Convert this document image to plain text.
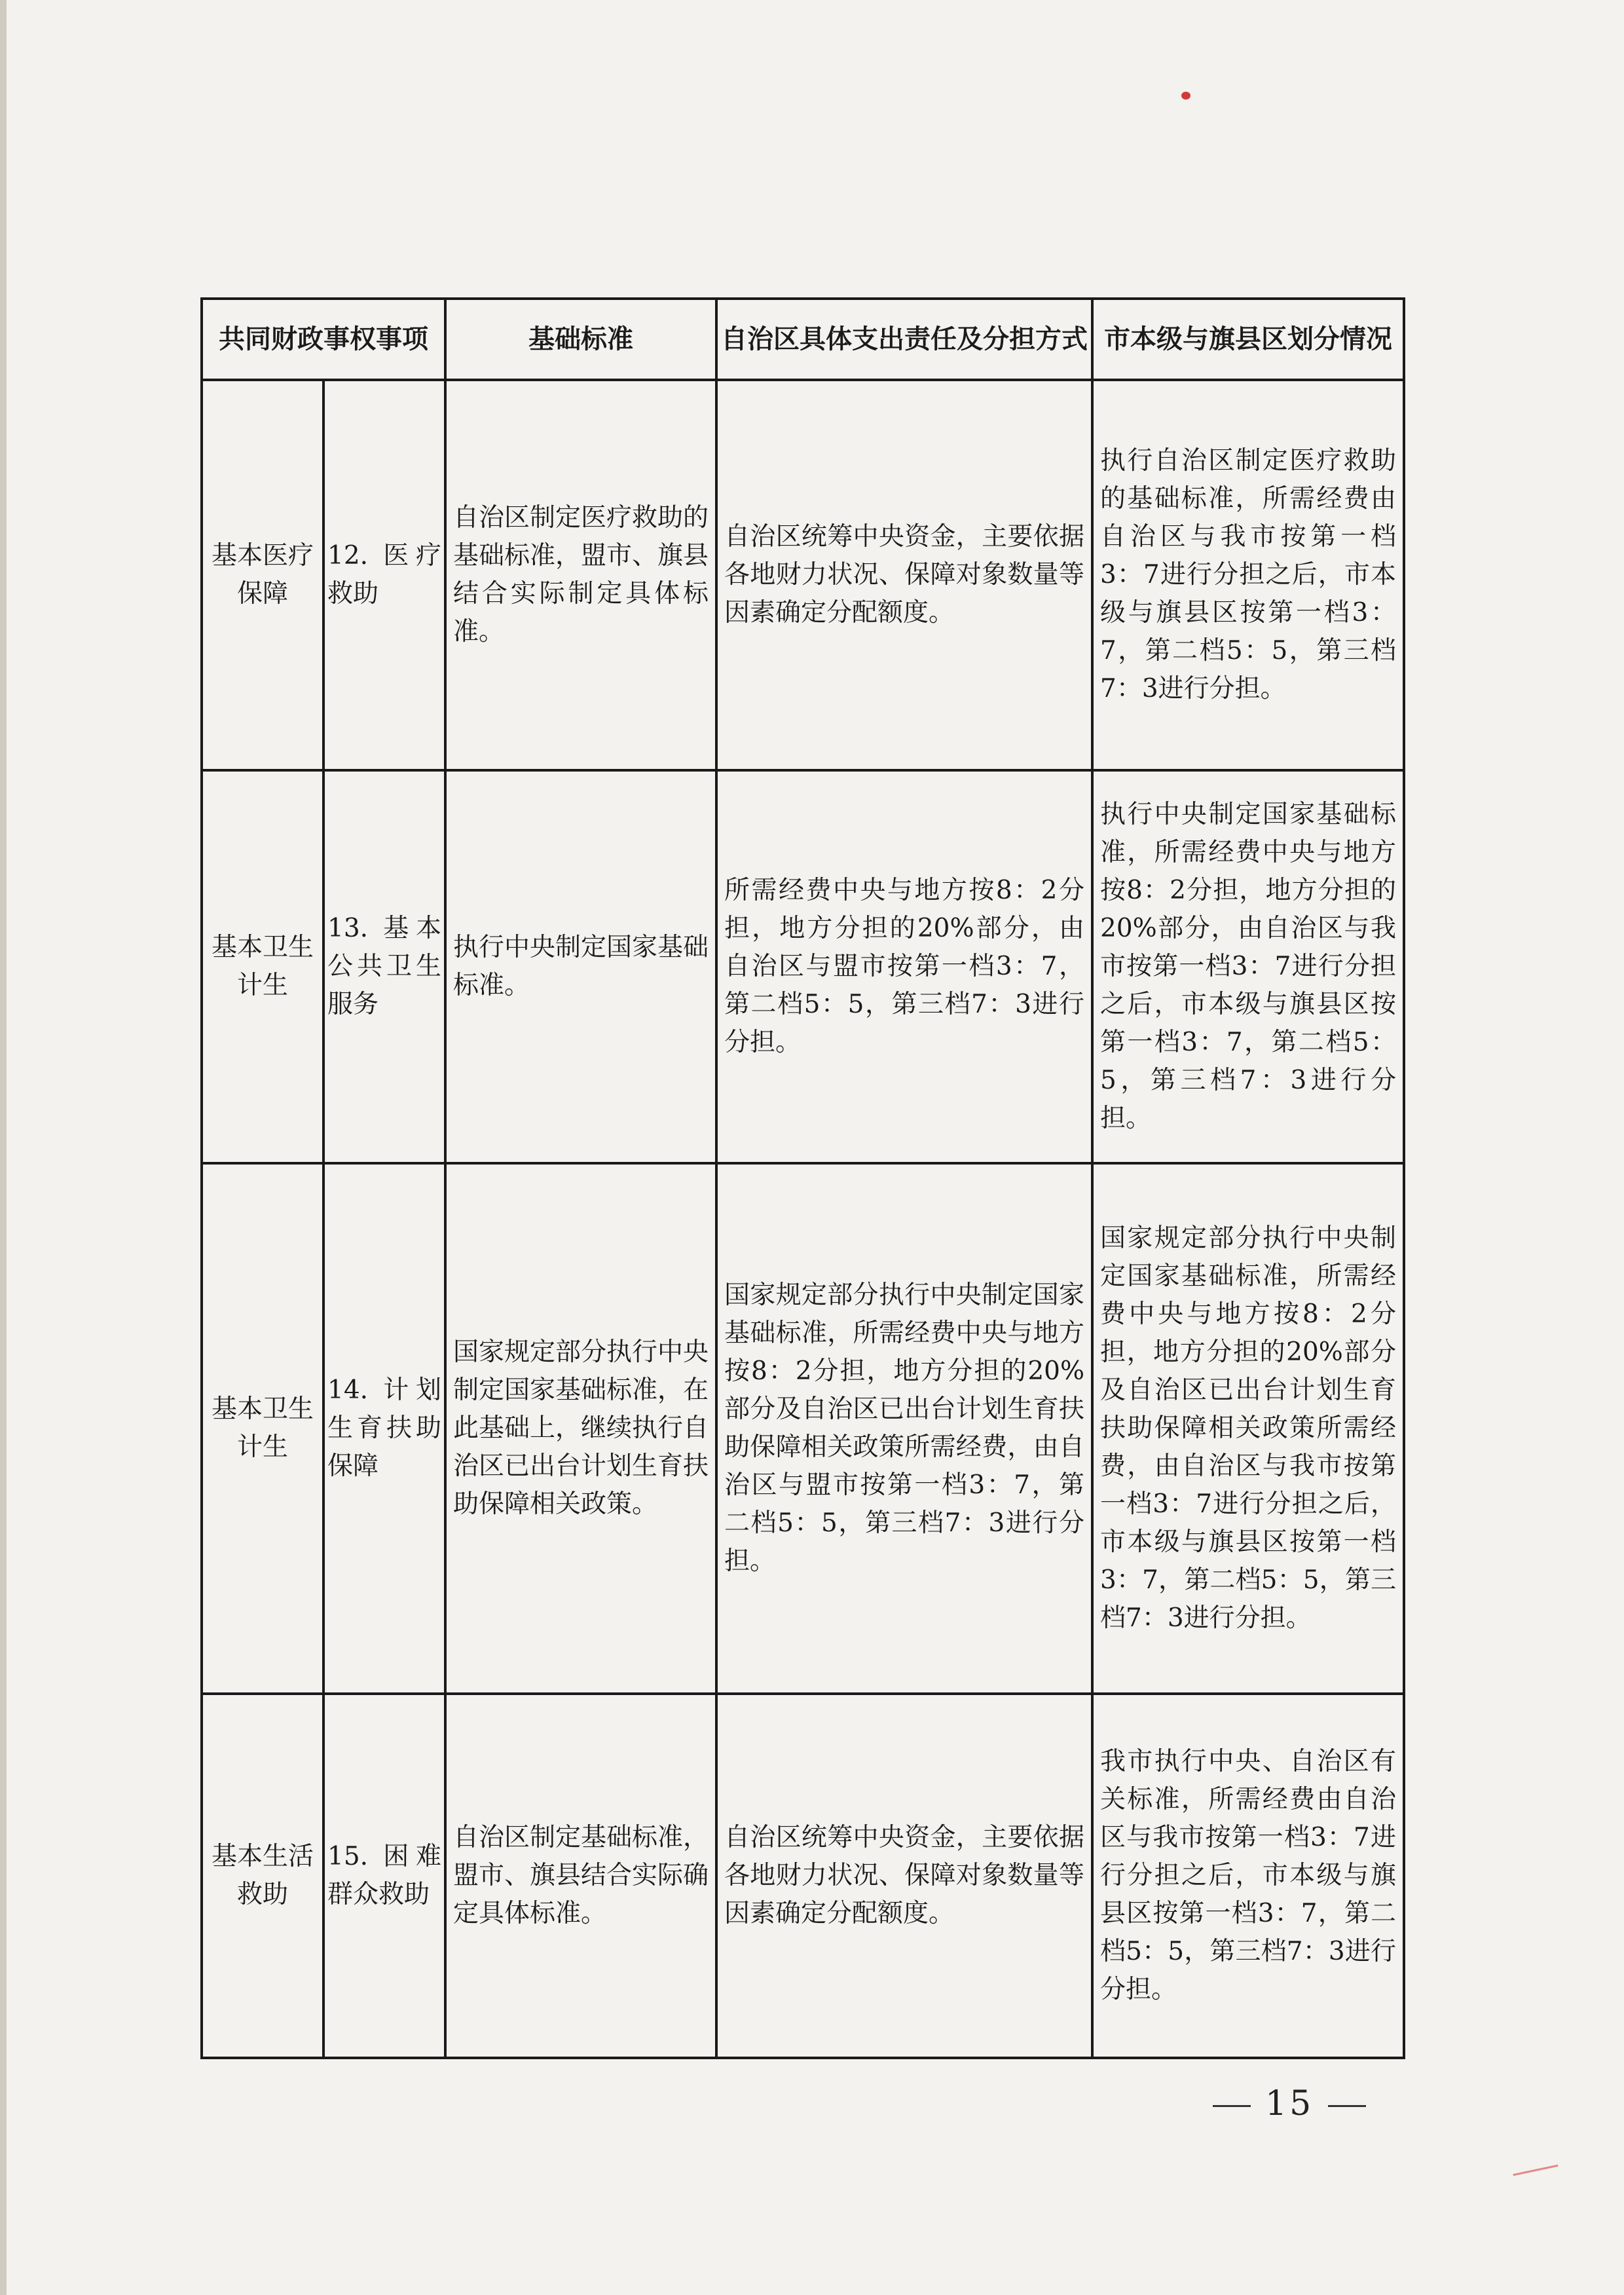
共同财政事权事项		基础标准	自治区具体支出责任及分担方式	市本级与旗县区划分情况
基本医疗保障	12. 医疗救助	自治区制定医疗救助的基础标准，盟市、旗县结合实际制定具体标准。	自治区统筹中央资金，主要依据各地财力状况、保障对象数量等因素确定分配额度。	执行自治区制定医疗救助的基础标准，所需经费由自治区与我市按第一档3：7进行分担之后，市本级与旗县区按第一档3：7，第二档5：5，第三档7：3进行分担。
基本卫生计生	13. 基本公共卫生服务	执行中央制定国家基础标准。	所需经费中央与地方按8：2分担，地方分担的20%部分，由自治区与盟市按第一档3：7，第二档5：5，第三档7：3进行分担。	执行中央制定国家基础标准，所需经费中央与地方按8：2分担，地方分担的20%部分，由自治区与我市按第一档3：7进行分担之后，市本级与旗县区按第一档3：7，第二档5：5，第三档7：3进行分担。
基本卫生计生	14. 计划生育扶助保障	国家规定部分执行中央制定国家基础标准，在此基础上，继续执行自治区已出台计划生育扶助保障相关政策。	国家规定部分执行中央制定国家基础标准，所需经费中央与地方按8：2分担，地方分担的20%部分及自治区已出台计划生育扶助保障相关政策所需经费，由自治区与盟市按第一档3：7，第二档5：5，第三档7：3进行分担。	国家规定部分执行中央制定国家基础标准，所需经费中央与地方按8：2分担，地方分担的20%部分及自治区已出台计划生育扶助保障相关政策所需经费，由自治区与我市按第一档3：7进行分担之后，市本级与旗县区按第一档3：7，第二档5：5，第三档7：3进行分担。
基本生活救助	15. 困难群众救助	自治区制定基础标准，盟市、旗县结合实际确定具体标准。	自治区统筹中央资金，主要依据各地财力状况、保障对象数量等因素确定分配额度。	我市执行中央、自治区有关标准，所需经费由自治区与我市按第一档3：7进行分担之后，市本级与旗县区按第一档3：7，第二档5：5，第三档7：3进行分担。
15
